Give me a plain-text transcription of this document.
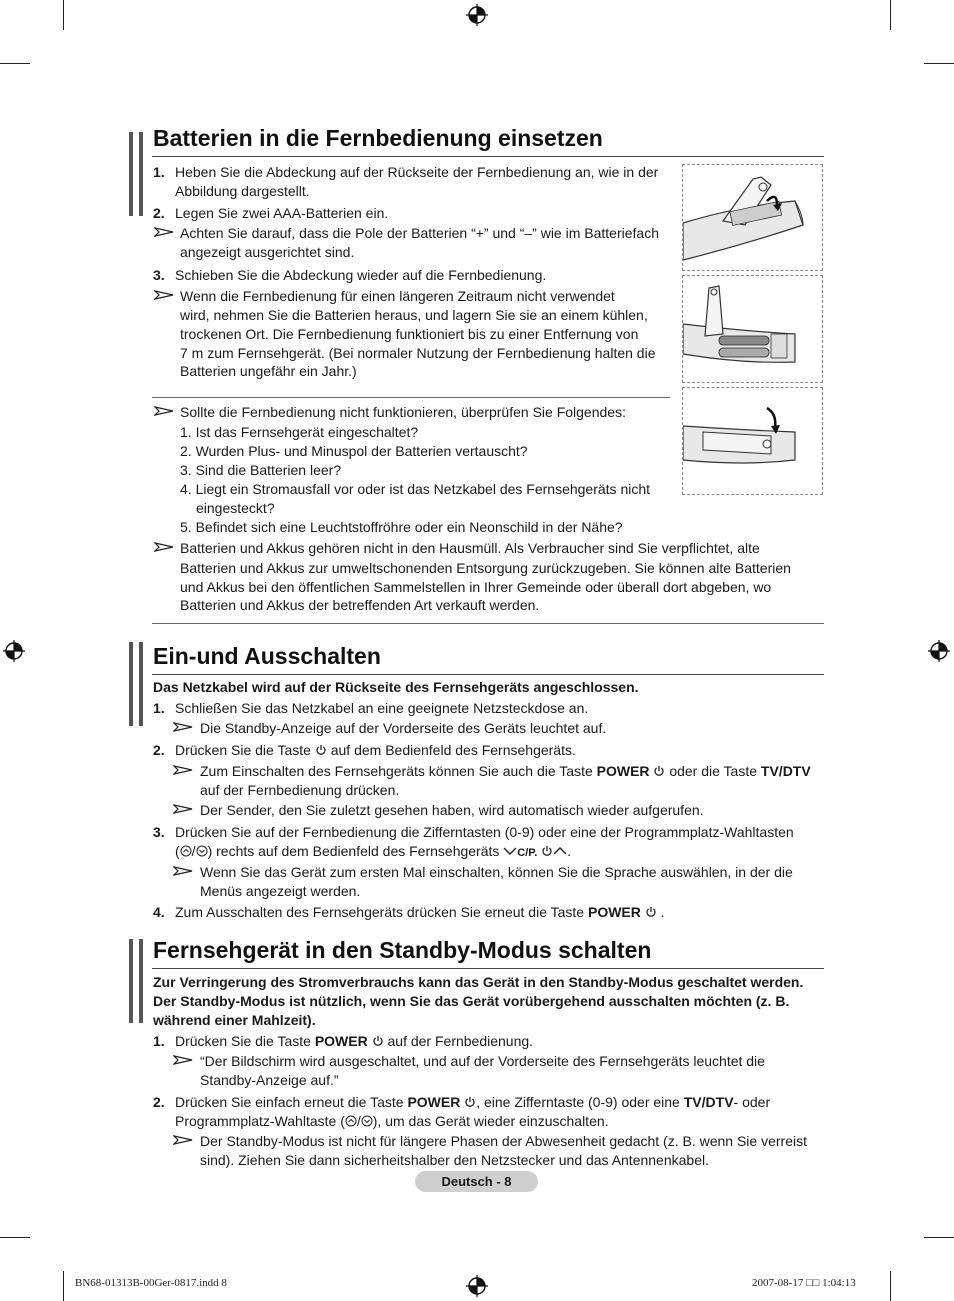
Batterien in die Fernbedienung einsetzen
1. Heben Sie die Abdeckung auf der Rückseite der Fernbedienung an, wie in der
Abbildung dargestellt.
2. Legen Sie zwei AAA-Batterien ein.
Achten Sie darauf, dass die Pole der Batterien “+” und “–” wie im Batteriefach
angezeigt ausgerichtet sind.
3. Schieben Sie die Abdeckung wieder auf die Fernbedienung.
Wenn die Fernbedienung für einen längeren Zeitraum nicht verwendet
wird, nehmen Sie die Batterien heraus, und lagern Sie sie an einem kühlen,
trockenen Ort. Die Fernbedienung funktioniert bis zu einer Entfernung von
7 m zum Fernsehgerät. (Bei normaler Nutzung der Fernbedienung halten die
Batterien ungefähr ein Jahr.)
Sollte die Fernbedienung nicht funktionieren, überprüfen Sie Folgendes:
1. Ist das Fernsehgerät eingeschaltet?
2. Wurden Plus- und Minuspol der Batterien vertauscht?
3. Sind die Batterien leer?
4. Liegt ein Stromausfall vor oder ist das Netzkabel des Fernsehgeräts nicht
eingesteckt?
5. Befindet sich eine Leuchtstoffröhre oder ein Neonschild in der Nähe?
Batterien und Akkus gehören nicht in den Hausmüll. Als Verbraucher sind Sie verpflichtet, alte
Batterien und Akkus zur umweltschonenden Entsorgung zurückzugeben. Sie können alte Batterien
und Akkus bei den öffentlichen Sammelstellen in Ihrer Gemeinde oder überall dort abgeben, wo
Batterien und Akkus der betreffenden Art verkauft werden.
Ein-und Ausschalten
Das Netzkabel wird auf der Rückseite des Fernsehgeräts angeschlossen.
1. Schließen Sie das Netzkabel an eine geeignete Netzsteckdose an.
Die Standby-Anzeige auf der Vorderseite des Geräts leuchtet auf.
2. Drücken Sie die Taste auf dem Bedienfeld des Fernsehgeräts.
Zum Einschalten des Fernsehgeräts können Sie auch die Taste POWER oder die Taste TV/DTV
auf der Fernbedienung drücken.
Der Sender, den Sie zuletzt gesehen haben, wird automatisch wieder aufgerufen.
3. Drücken Sie auf der Fernbedienung die Zifferntasten (0-9) oder eine der Programmplatz-Wahltasten
( / ) rechts auf dem Bedienfeld des Fernsehgeräts C/P. .
Wenn Sie das Gerät zum ersten Mal einschalten, können Sie die Sprache auswählen, in der die
Menüs angezeigt werden.
4. Zum Ausschalten des Fernsehgeräts drücken Sie erneut die Taste POWER  .
Fernsehgerät in den Standby-Modus schalten
Zur Verringerung des Stromverbrauchs kann das Gerät in den Standby-Modus geschaltet werden.
Der Standby-Modus ist nützlich, wenn Sie das Gerät vorübergehend ausschalten möchten (z. B.
während einer Mahlzeit).
1. Drücken Sie die Taste POWER auf der Fernbedienung.
“Der Bildschirm wird ausgeschaltet, und auf der Vorderseite des Fernsehgeräts leuchtet die
Standby-Anzeige auf.”
2. Drücken Sie einfach erneut die Taste POWER , eine Zifferntaste (0-9) oder eine TV/DTV- oder
Programmplatz-Wahltaste ( / ), um das Gerät wieder einzuschalten.
Der Standby-Modus ist nicht für längere Phasen der Abwesenheit gedacht (z. B. wenn Sie verreist
sind). Ziehen Sie dann sicherheitshalber den Netzstecker und das Antennenkabel.
Deutsch - 8
BN68-01313B-00Ger-0817.indd 8	2007-08-17 □□ 1:04:13
